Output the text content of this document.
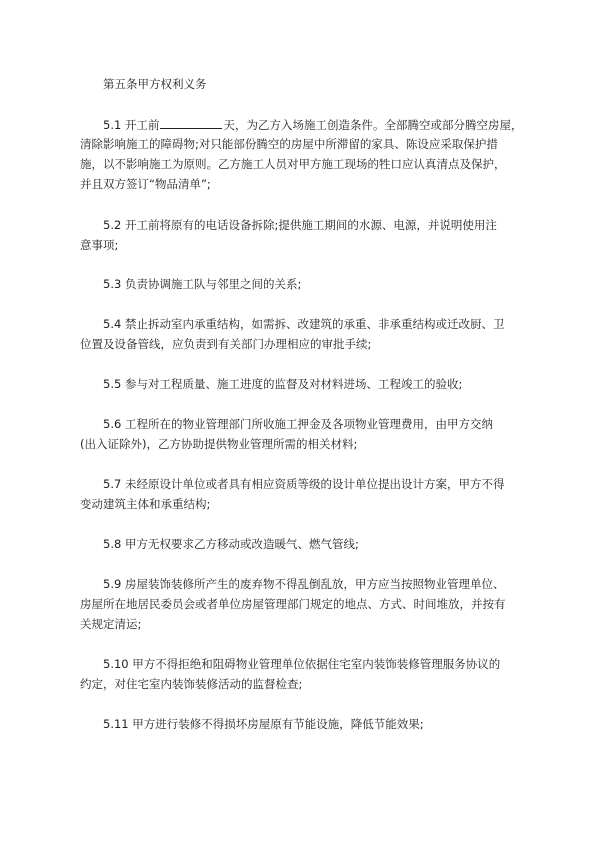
第五条甲方权利义务
5.1 开工前	天，为乙方入场施工创造条件。全部腾空或部分腾空房屋，
清除影响施工的障碍物;对只能部份腾空的房屋中所滞留的家具、陈设应采取保护措
施，以不影响施工为原则。乙方施工人员对甲方施工现场的牲口应认真清点及保护，
并且双方签订“物品清单”;
5.2 开工前将原有的电话设备拆除;提供施工期间的水源、电源，并说明使用注
意事项;
5.3 负责协调施工队与邻里之间的关系;
5.4 禁止拆动室内承重结构，如需拆、改建筑的承重、非承重结构或迁改厨、卫
位置及设备管线，应负责到有关部门办理相应的审批手续;
5.5 参与对工程质量、施工进度的监督及对材料进场、工程竣工的验收;
5.6 工程所在的物业管理部门所收施工押金及各项物业管理费用，由甲方交纳
(出入证除外)，乙方协助提供物业管理所需的相关材料;
5.7 未经原设计单位或者具有相应资质等级的设计单位提出设计方案，甲方不得
变动建筑主体和承重结构;
5.8 甲方无权要求乙方移动或改造暖气、燃气管线;
5.9 房屋装饰装修所产生的废弃物不得乱倒乱放，甲方应当按照物业管理单位、
房屋所在地居民委员会或者单位房屋管理部门规定的地点、方式、时间堆放，并按有
关规定清运;
5.10 甲方不得拒绝和阻碍物业管理单位依据住宅室内装饰装修管理服务协议的
约定，对住宅室内装饰装修活动的监督检查;
5.11 甲方进行装修不得损坏房屋原有节能设施，降低节能效果;
